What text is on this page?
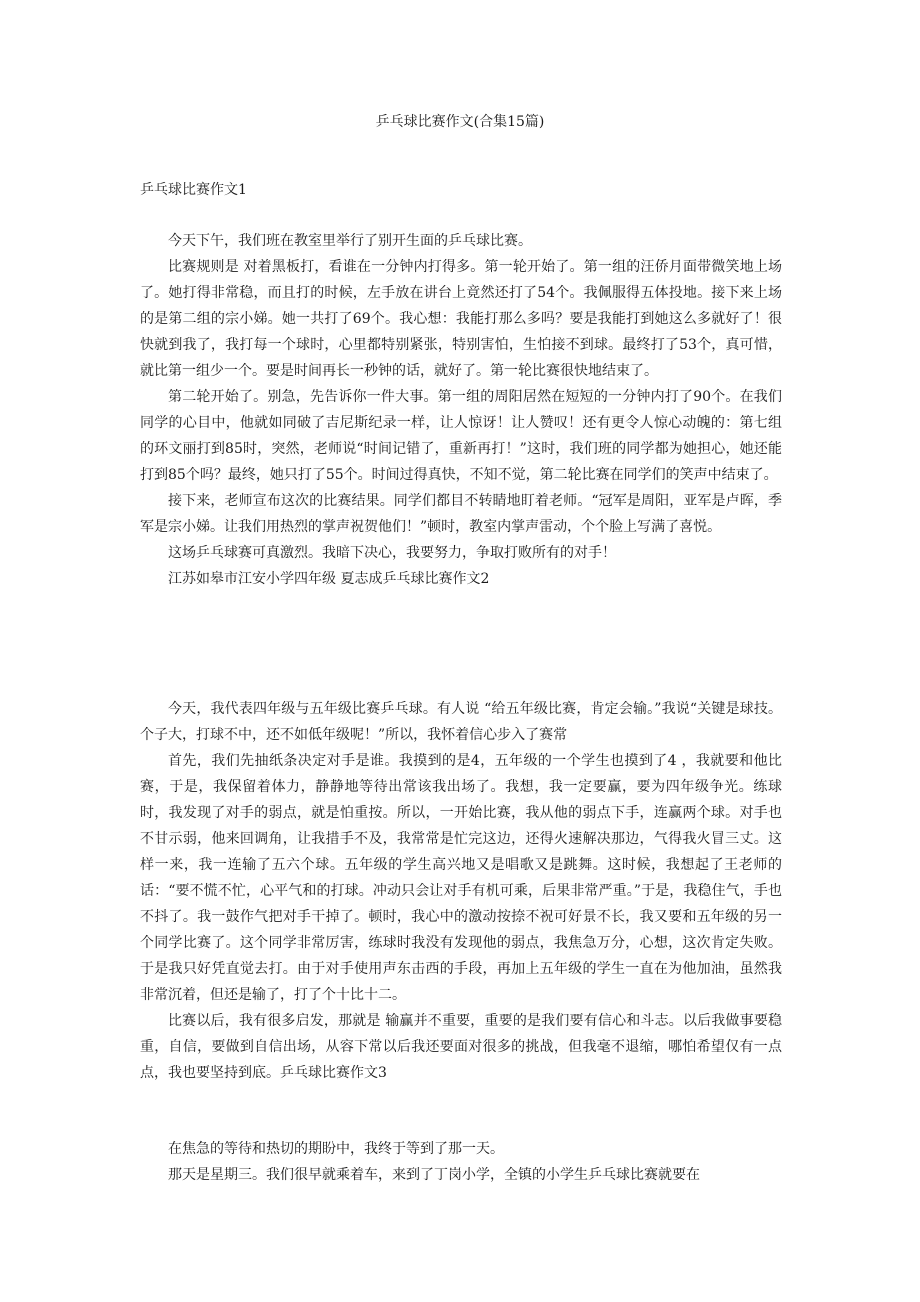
乒乓球比赛作文(合集15篇)
乒乓球比赛作文1

今天下午，我们班在教室里举行了别开生面的乒乓球比赛。

比赛规则是 对着黑板打，看谁在一分钟内打得多。第一轮开始了。第一组的汪侨月面带微笑地上场了。她打得非常稳，而且打的时候，左手放在讲台上竟然还打了54个。我佩服得五体投地。接下来上场的是第二组的宗小娣。她一共打了69个。我心想：我能打那么多吗？要是我能打到她这么多就好了！很快就到我了，我打每一个球时，心里都特别紧张，特别害怕，生怕接不到球。最终打了53个，真可惜，就比第一组少一个。要是时间再长一秒钟的话，就好了。第一轮比赛很快地结束了。

第二轮开始了。别急，先告诉你一件大事。第一组的周阳居然在短短的一分钟内打了90个。在我们同学的心目中，他就如同破了吉尼斯纪录一样，让人惊讶！让人赞叹！还有更令人惊心动魄的：第七组的环文丽打到85时，突然，老师说“时间记错了，重新再打！”这时，我们班的同学都为她担心，她还能打到85个吗？最终，她只打了55个。时间过得真快，不知不觉，第二轮比赛在同学们的笑声中结束了。

接下来，老师宣布这次的比赛结果。同学们都目不转睛地盯着老师。“冠军是周阳，亚军是卢晖，季军是宗小娣。让我们用热烈的掌声祝贺他们！”顿时，教室内掌声雷动，个个脸上写满了喜悦。

这场乒乓球赛可真激烈。我暗下决心，我要努力，争取打败所有的对手！

江苏如皋市江安小学四年级 夏志成乒乓球比赛作文2

今天，我代表四年级与五年级比赛乒乓球。有人说 “给五年级比赛，肯定会输。”我说“关键是球技。个子大，打球不中，还不如低年级呢！”所以，我怀着信心步入了赛常

首先，我们先抽纸条决定对手是谁。我摸到的是4，五年级的一个学生也摸到了4 ，我就要和他比赛，于是，我保留着体力，静静地等待出常该我出场了。我想，我一定要赢，要为四年级争光。练球时，我发现了对手的弱点，就是怕重按。所以，一开始比赛，我从他的弱点下手，连赢两个球。对手也不甘示弱，他来回调角，让我措手不及，我常常是忙完这边，还得火速解决那边，气得我火冒三丈。这样一来，我一连输了五六个球。五年级的学生高兴地又是唱歌又是跳舞。这时候，我想起了王老师的话：“要不慌不忙，心平气和的打球。冲动只会让对手有机可乘，后果非常严重。”于是，我稳住气，手也不抖了。我一鼓作气把对手干掉了。顿时，我心中的激动按捺不祝可好景不长，我又要和五年级的另一个同学比赛了。这个同学非常厉害，练球时我没有发现他的弱点，我焦急万分，心想，这次肯定失败。于是我只好凭直觉去打。由于对手使用声东击西的手段，再加上五年级的学生一直在为他加油，虽然我非常沉着，但还是输了，打了个十比十二。

比赛以后，我有很多启发，那就是 输赢并不重要，重要的是我们要有信心和斗志。以后我做事要稳重，自信，要做到自信出场，从容下常以后我还要面对很多的挑战，但我毫不退缩，哪怕希望仅有一点点，我也要坚持到底。乒乓球比赛作文3

在焦急的等待和热切的期盼中，我终于等到了那一天。

那天是星期三。我们很早就乘着车，来到了丁岗小学，全镇的小学生乒乓球比赛就要在
